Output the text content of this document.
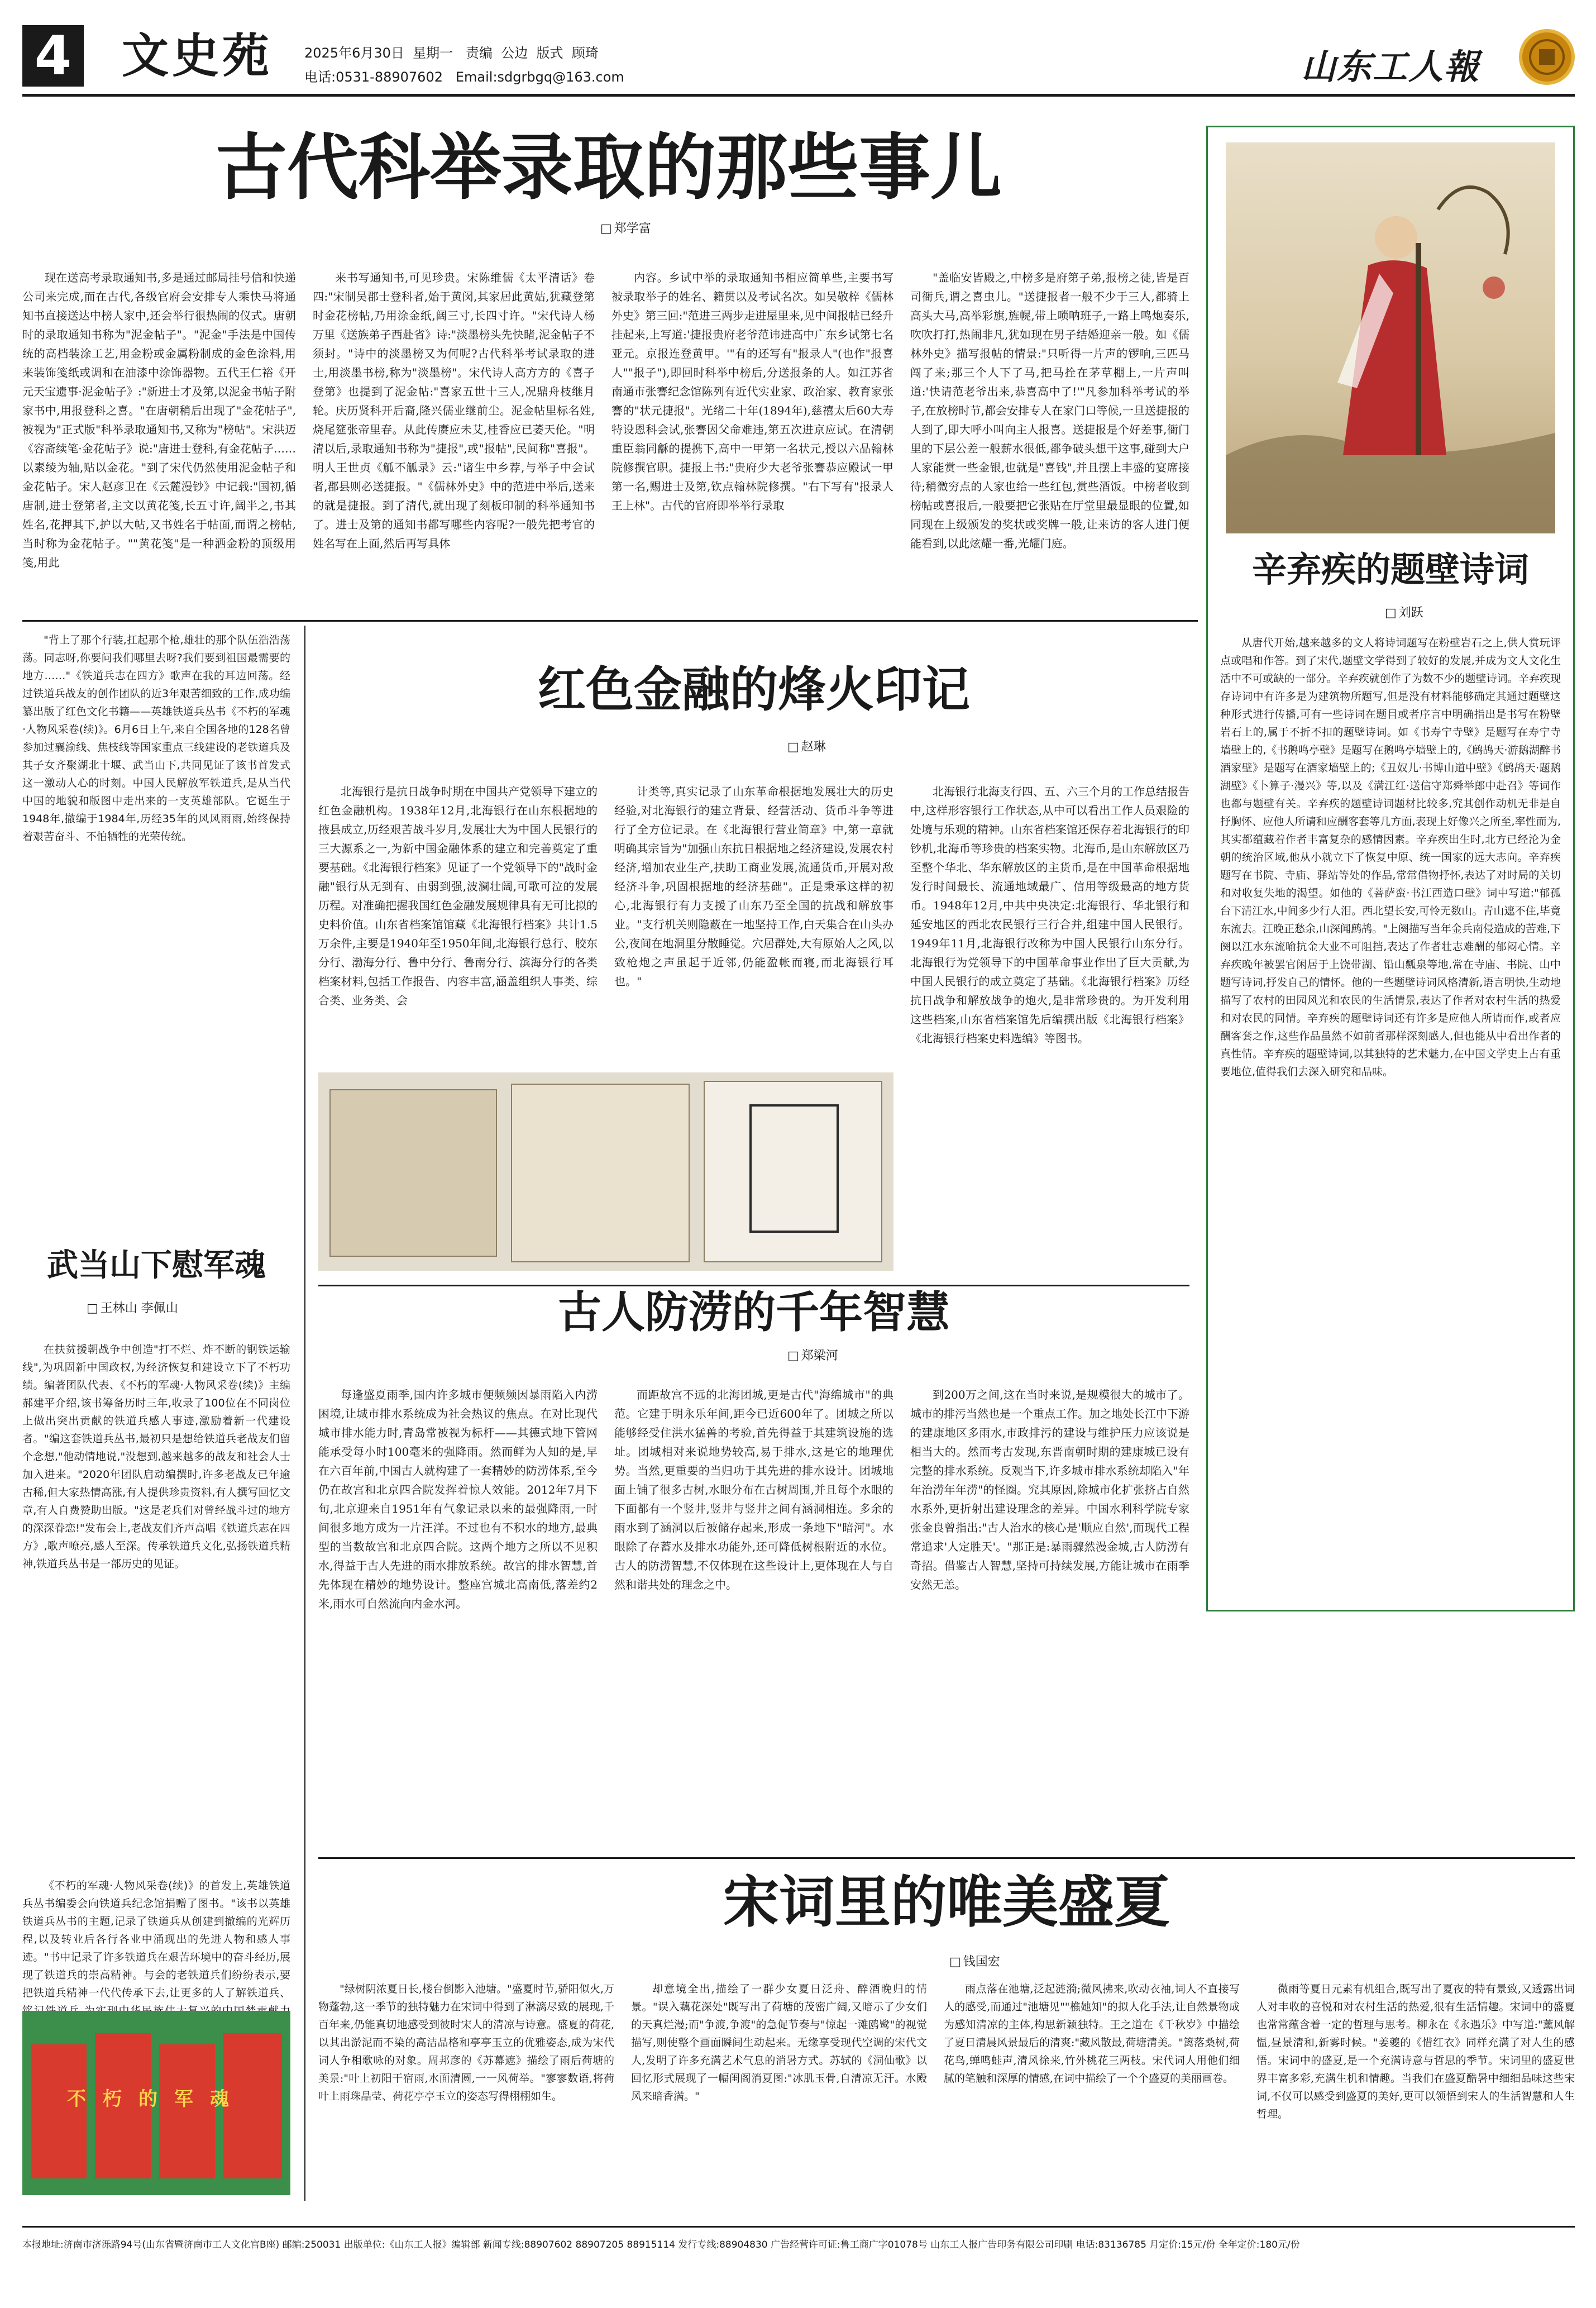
4 文史苑 2025年6月30日  星期一   责编  公边  版式  顾琦
电话:0531-88907602   Email:sdgrbgq@163.com	山东工人報
古代科举录取的那些事儿
□ 郑学富

现在送高考录取通知书,多是通过邮局挂号信和快递公司来完成,而在古代,各级官府会安排专人乘快马将通知书直接送达中榜人家中,还会举行很热闹的仪式。唐朝时的录取通知书称为"泥金帖子"。"泥金"手法是中国传统的高档装涂工艺,用金粉或金属粉制成的金色涂料,用来装饰笺纸或调和在油漆中涂饰器物。五代王仁裕《开元天宝遗事·泥金帖子》:"新进士才及第,以泥金书帖子附家书中,用报登科之喜。"在唐朝稍后出现了"金花帖子",被视为"正式版"科举录取通知书,又称为"榜帖"。宋洪迈《容斋续笔·金花帖子》说:"唐进士登科,有金花帖子……以素绫为轴,贴以金花。"到了宋代仍然使用泥金帖子和金花帖子。宋人赵彦卫在《云麓漫钞》中记载:"国初,循唐制,进士登第者,主文以黄花笺,长五寸许,阔半之,书其姓名,花押其下,护以大帖,又书姓名于帖面,而谓之榜帖,当时称为金花帖子。""黄花笺"是一种洒金粉的顶级用笺,用此

来书写通知书,可见珍贵。宋陈维儒《太平清话》卷四:"宋制吴郡士登科者,始于黄闵,其家居此黄姑,犹藏登第时金花榜帖,乃用涂金纸,阔三寸,长四寸许。"宋代诗人杨万里《送族弟子西赴省》诗:"淡墨榜头先快睹,泥金帖子不须封。"诗中的淡墨榜又为何呢?古代科举考试录取的进士,用淡墨书榜,称为"淡墨榜"。宋代诗人高方方的《喜子登第》也提到了泥金帖:"喜家五世十三人,况鼎舟枝继月轮。庆历贤科开后裔,隆兴儒业继前尘。泥金帖里标名姓,烧尾筵张帝里春。从此传赓应未艾,桂香应已萎天伦。"明清以后,录取通知书称为"捷报",或"报帖",民间称"喜报"。明人王世贞《觚不觚录》云:"诸生中乡荐,与举子中会试者,郡县则必送捷报。"《儒林外史》中的范进中举后,送来的就是捷报。到了清代,就出现了刻板印制的科举通知书了。进士及第的通知书都写哪些内容呢?一般先把考官的姓名写在上面,然后再写具体

内容。乡试中举的录取通知书相应简单些,主要书写被录取举子的姓名、籍贯以及考试名次。如吴敬梓《儒林外史》第三回:"范进三两步走进屋里来,见中间报帖已经升挂起来,上写道:'捷报贵府老爷范讳进高中广东乡试第七名亚元。京报连登黄甲。'"有的还写有"报录人"(也作"报喜人""报子"),即回时科举中榜后,分送报条的人。如江苏省南通市张謇纪念馆陈列有近代实业家、政治家、教育家张謇的"状元捷报"。光绪二十年(1894年),慈禧太后60大寿特设恩科会试,张謇因父命难违,第五次进京应试。在清朝重臣翁同龢的提携下,高中一甲第一名状元,授以六品翰林院修撰官职。捷报上书:"贵府少大老爷张謇恭应殿试一甲第一名,赐进士及第,钦点翰林院修撰。"右下写有"报录人王上林"。古代的官府即举举行录取

"盖临安皆殿之,中榜多是府第子弟,报榜之徒,皆是百司衙兵,谓之喜虫儿。"送捷报者一般不少于三人,都骑上高头大马,高举彩旗,旌幌,带上唢呐班子,一路上鸣炮奏乐,吹吹打打,热闹非凡,犹如现在男子结婚迎亲一般。如《儒林外史》描写报帖的情景:"只听得一片声的锣响,三匹马闯了来;那三个人下了马,把马拴在茅草棚上,一片声叫道:'快请范老爷出来,恭喜高中了!'"凡参加科举考试的举子,在放榜时节,都会安排专人在家门口等候,一旦送捷报的人到了,即大呼小叫向主人报喜。送捷报是个好差事,衙门里的下层公差一般薪水很低,都争破头想干这事,碰到大户人家能赏一些金银,也就是"喜钱",并且摆上丰盛的宴席接待;稍微穷点的人家也给一些红包,赏些酒饭。中榜者收到榜帖或喜报后,一般要把它张贴在厅堂里最显眼的位置,如同现在上级颁发的奖状或奖牌一般,让来访的客人进门便能看到,以此炫耀一番,光耀门庭。

辛弃疾的题壁诗词
□ 刘跃

从唐代开始,越来越多的文人将诗词题写在粉壁岩石之上,供人赏玩评点或唱和作答。到了宋代,题壁文学得到了较好的发展,并成为文人文化生活中不可或缺的一部分。辛弃疾就创作了为数不少的题壁诗词。辛弃疾现存诗词中有许多是为建筑物所题写,但是没有材料能够确定其通过题壁这种形式进行传播,可有一些诗词在题目或者序言中明确指出是书写在粉壁岩石上的,属于不折不扣的题壁诗词。如《书寿宁寺壁》是题写在寿宁寺墙壁上的,《书鹅鸣亭壁》是题写在鹅鸣亭墙壁上的,《鹧鸪天·游鹅湖醉书酒家壁》是题写在酒家墙壁上的;《丑奴儿·书博山道中壁》《鹧鸪天·题鹅湖壁》《卜算子·漫兴》等,以及《满江红·送信守郑舜举郎中赴召》等词作也都与题壁有关。辛弃疾的题壁诗词题材比较多,究其创作动机无非是自抒胸怀、应他人所请和应酬客套等几方面,表现上好像兴之所至,率性而为,其实都蕴藏着作者丰富复杂的感情因素。辛弃疾出生时,北方已经沦为金朝的统治区域,他从小就立下了恢复中原、统一国家的远大志向。辛弃疾题写在书院、寺庙、驿站等处的作品,常常借物抒怀,表达了对时局的关切和对收复失地的渴望。如他的《菩萨蛮·书江西造口壁》词中写道:"郁孤台下清江水,中间多少行人泪。西北望长安,可怜无数山。青山遮不住,毕竟东流去。江晚正愁余,山深闻鹧鸪。"上阕描写当年金兵南侵造成的苦难,下阕以江水东流喻抗金大业不可阻挡,表达了作者壮志难酬的郁闷心情。辛弃疾晚年被罢官闲居于上饶带湖、铅山瓢泉等地,常在寺庙、书院、山中题写诗词,抒发自己的情怀。他的一些题壁诗词风格清新,语言明快,生动地描写了农村的田园风光和农民的生活情景,表达了作者对农村生活的热爱和对农民的同情。辛弃疾的题壁诗词还有许多是应他人所请而作,或者应酬客套之作,这些作品虽然不如前者那样深刻感人,但也能从中看出作者的真性情。辛弃疾的题壁诗词,以其独特的艺术魅力,在中国文学史上占有重要地位,值得我们去深入研究和品味。

"背上了那个行装,扛起那个枪,雄壮的那个队伍浩浩荡荡。同志呀,你要问我们哪里去呀?我们要到祖国最需要的地方……"《铁道兵志在四方》歌声在我的耳边回荡。经过铁道兵战友的创作团队的近3年艰苦细致的工作,成功编纂出版了红色文化书籍——英雄铁道兵丛书《不朽的军魂·人物风采卷(续)》。6月6日上午,来自全国各地的128名曾参加过襄渝线、焦枝线等国家重点三线建设的老铁道兵及其子女齐聚湖北十堰、武当山下,共同见证了该书首发式这一激动人心的时刻。中国人民解放军铁道兵,是从当代中国的地貌和版图中走出来的一支英雄部队。它诞生于1948年,撤编于1984年,历经35年的风风雨雨,始终保持着艰苦奋斗、不怕牺牲的光荣传统。

武当山下慰军魂
□ 王林山 李佩山

在扶贫援朝战争中创造"打不烂、炸不断的钢铁运输线",为巩固新中国政权,为经济恢复和建设立下了不朽功绩。编著团队代表、《不朽的军魂·人物风采卷(续)》主编郝建平介绍,该书筹备历时三年,收录了100位在不同岗位上做出突出贡献的铁道兵感人事迹,激励着新一代建设者。"编这套铁道兵丛书,最初只是想给铁道兵老战友们留个念想,"他动情地说,"没想到,越来越多的战友和社会人士加入进来。"2020年团队启动编撰时,许多老战友已年逾古稀,但大家热情高涨,有人提供珍贵资料,有人撰写回忆文章,有人自费赞助出版。"这是老兵们对曾经战斗过的地方的深深眷恋!"发布会上,老战友们齐声高唱《铁道兵志在四方》,歌声嘹亮,感人至深。传承铁道兵文化,弘扬铁道兵精神,铁道兵丛书是一部历史的见证。

《不朽的军魂·人物风采卷(续)》的首发上,英雄铁道兵丛书编委会向铁道兵纪念馆捐赠了图书。"该书以英雄铁道兵丛书的主题,记录了铁道兵从创建到撤编的光辉历程,以及转业后各行各业中涌现出的先进人物和感人事迹。"书中记录了许多铁道兵在艰苦环境中的奋斗经历,展现了铁道兵的崇高精神。与会的老铁道兵们纷纷表示,要把铁道兵精神一代代传承下去,让更多的人了解铁道兵、

不朽的军魂
红色金融的烽火印记
□ 赵琳

北海银行是抗日战争时期在中国共产党领导下建立的红色金融机构。1938年12月,北海银行在山东根据地的掖县成立,历经艰苦战斗岁月,发展壮大为中国人民银行的三大源系之一,为新中国金融体系的建立和完善奠定了重要基础。《北海银行档案》见证了一个党领导下的"战时金融"银行从无到有、由弱到强,波澜壮阔,可歌可泣的发展历程。对准确把握我国红色金融发展规律具有无可比拟的史料价值。山东省档案馆馆藏《北海银行档案》共计1.5万余件,主要是1940年至1950年间,北海银行总行、胶东分行、渤海分行、鲁中分行、鲁南分行、滨海分行的各类档案材料,包括工作报告、内容丰富,涵盖组织人事类、综合类、业务类、会

计类等,真实记录了山东革命根据地发展壮大的历史经验,对北海银行的建立背景、经营活动、货币斗争等进行了全方位记录。在《北海银行营业简章》中,第一章就明确其宗旨为"加强山东抗日根据地之经济建设,发展农村经济,增加农业生产,扶助工商业发展,流通货币,开展对敌经济斗争,巩固根据地的经济基础"。正是秉承这样的初心,北海银行有力支援了山东乃至全国的抗战和解放事业。"支行机关则隐蔽在一地坚持工作,白天集合在山头办公,夜间在地洞里分散睡觉。穴居群处,大有原始人之风,以致枪炮之声虽起于近邻,仍能盈帐而寝,而北海银行耳也。"

北海银行北海支行四、五、六三个月的工作总结报告中,这样形容银行工作状态,从中可以看出工作人员艰险的处境与乐观的精神。山东省档案馆还保存着北海银行的印钞机,北海币等珍贵的档案实物。北海币,是山东解放区乃至整个华北、华东解放区的主货币,是在中国革命根据地发行时间最长、流通地域最广、信用等级最高的地方货币。1948年12月,中共中央决定:北海银行、华北银行和延安地区的西北农民银行三行合并,组建中国人民银行。1949年11月,北海银行改称为中国人民银行山东分行。北海银行为党领导下的中国革命事业作出了巨大贡献,为中国人民银行的成立奠定了基础。《北海银行档案》历经抗日战争和解放战争的炮火,是非常珍贵的。为开发利用这些档案,山东省档案馆先后编撰出版《北海银行档案》《北海银行档案史料选编》等图书。

古人防涝的千年智慧
□ 郑梁河

每逢盛夏雨季,国内许多城市便频频因暴雨陷入内涝困境,让城市排水系统成为社会热议的焦点。在对比现代城市排水能力时,青岛常被视为标杆——其德式地下管网能承受每小时100毫米的强降雨。然而鲜为人知的是,早在六百年前,中国古人就构建了一套精妙的防涝体系,至今仍在故宫和北京四合院发挥着惊人效能。2012年7月下旬,北京迎来自1951年有气象记录以来的最强降雨,一时间很多地方成为一片汪洋。不过也有不积水的地方,最典型的当数故宫和北京四合院。这两个地方之所以不见积水,得益于古人先进的雨水排放系统。故宫的排水智慧,首先体现在精妙的地势设计。整座宫城北高南低,落差约2米,雨水可自然流向内金水河。

而距故宫不远的北海团城,更是古代"海绵城市"的典范。它建于明永乐年间,距今已近600年了。团城之所以能够经受住洪水猛兽的考验,首先得益于其建筑设施的选址。团城相对来说地势较高,易于排水,这是它的地理优势。当然,更重要的当归功于其先进的排水设计。团城地面上铺了很多古树,水眼分布在古树周围,并且每个水眼的下面都有一个竖井,竖井与竖井之间有涵洞相连。多余的雨水到了涵洞以后被储存起来,形成一条地下"暗河"。水眼除了存蓄水及排水功能外,还可降低树根附近的水位。古人的防涝智慧,不仅体现在这些设计上,更体现在人与自然和谐共处的理念之中。

到200万之间,这在当时来说,是规模很大的城市了。城市的排污当然也是一个重点工作。加之地处长江中下游的建康地区多雨水,市政排污的建设与维护压力应该说是相当大的。然而考古发现,东晋南朝时期的建康城已设有完整的排水系统。反观当下,许多城市排水系统却陷入"年年治涝年年涝"的怪圈。究其原因,除城市化扩张挤占自然水系外,更折射出建设理念的差异。中国水利科学院专家张金良曾指出:"古人治水的核心是'顺应自然',而现代工程常追求'人定胜天'。"那正是:暴雨骤然漫金城,古人防涝有奇招。借鉴古人智慧,坚持可持续发展,方能让城市在雨季安然无恙。

宋词里的唯美盛夏
□ 钱国宏

"绿树阴浓夏日长,楼台倒影入池塘。"盛夏时节,骄阳似火,万物蓬勃,这一季节的独特魅力在宋词中得到了淋漓尽致的展现,千百年来,仍能真切地感受到彼时宋人的清凉与诗意。盛夏的荷花,以其出淤泥而不染的高洁品格和亭亭玉立的优雅姿态,成为宋代词人争相歌咏的对象。周邦彦的《苏幕遮》描绘了雨后荷塘的美景:"叶上初阳干宿雨,水面清圆,一一风荷举。"寥寥数语,将荷叶上雨珠晶莹、荷花亭亭玉立的姿态写得栩栩如生。

却意境全出,描绘了一群少女夏日泛舟、醉酒晚归的情景。"误入藕花深处"既写出了荷塘的茂密广阔,又暗示了少女们的天真烂漫;而"争渡,争渡"的急促节奏与"惊起一滩鸥鹭"的视觉描写,则使整个画面瞬间生动起来。无缘享受现代空调的宋代文人,发明了许多充满艺术气息的消暑方式。苏轼的《洞仙歌》以回忆形式展现了一幅闺阁消夏图:"冰肌玉骨,自清凉无汗。水殿风来暗香满。"

雨点落在池塘,泛起涟漪;微风拂来,吹动衣袖,词人不直接写人的感受,而通过"池塘见""樵她知"的拟人化手法,让自然景物成为感知清凉的主体,构思新颖独特。王之道在《千秋岁》中描绘了夏日清晨风景最后的清爽:"藏风散最,荷塘清美。"篱落桑树,荷花鸟,蝉鸣蛙声,清风徐来,竹外桃花三两枝。宋代词人用他们细腻的笔触和深厚的情感,在词中描绘了一个个盛夏的美丽画卷。

微雨等夏日元素有机组合,既写出了夏夜的特有景致,又透露出词人对丰收的喜悦和对农村生活的热爱,很有生活情趣。宋词中的盛夏也常常蕴含着一定的哲理与思考。柳永在《永遇乐》中写道:"薰风解愠,昼景清和,新雾时候。"姜夔的《惜红衣》同样充满了对人生的感悟。宋词中的盛夏,是一个充满诗意与哲思的季节。宋词里的盛夏世界丰富多彩,充满生机和情趣。当我们在盛夏酷暑中细细品味这些宋词,不仅可以感受到盛夏的美好,更可以领悟到宋人的生活智慧和人生哲理。

本报地址:济南市济泺路94号(山东省暨济南市工人文化宫B座) 邮编:250031 出版单位:《山东工人报》编辑部 新闻专线:88907602 88907205 88915114 发行专线:88904830 广告经营许可证:鲁工商广字01078号 山东工人报广告印务有限公司印刷 电话:83136785 月定价:15元/份 全年定价:180元/份
